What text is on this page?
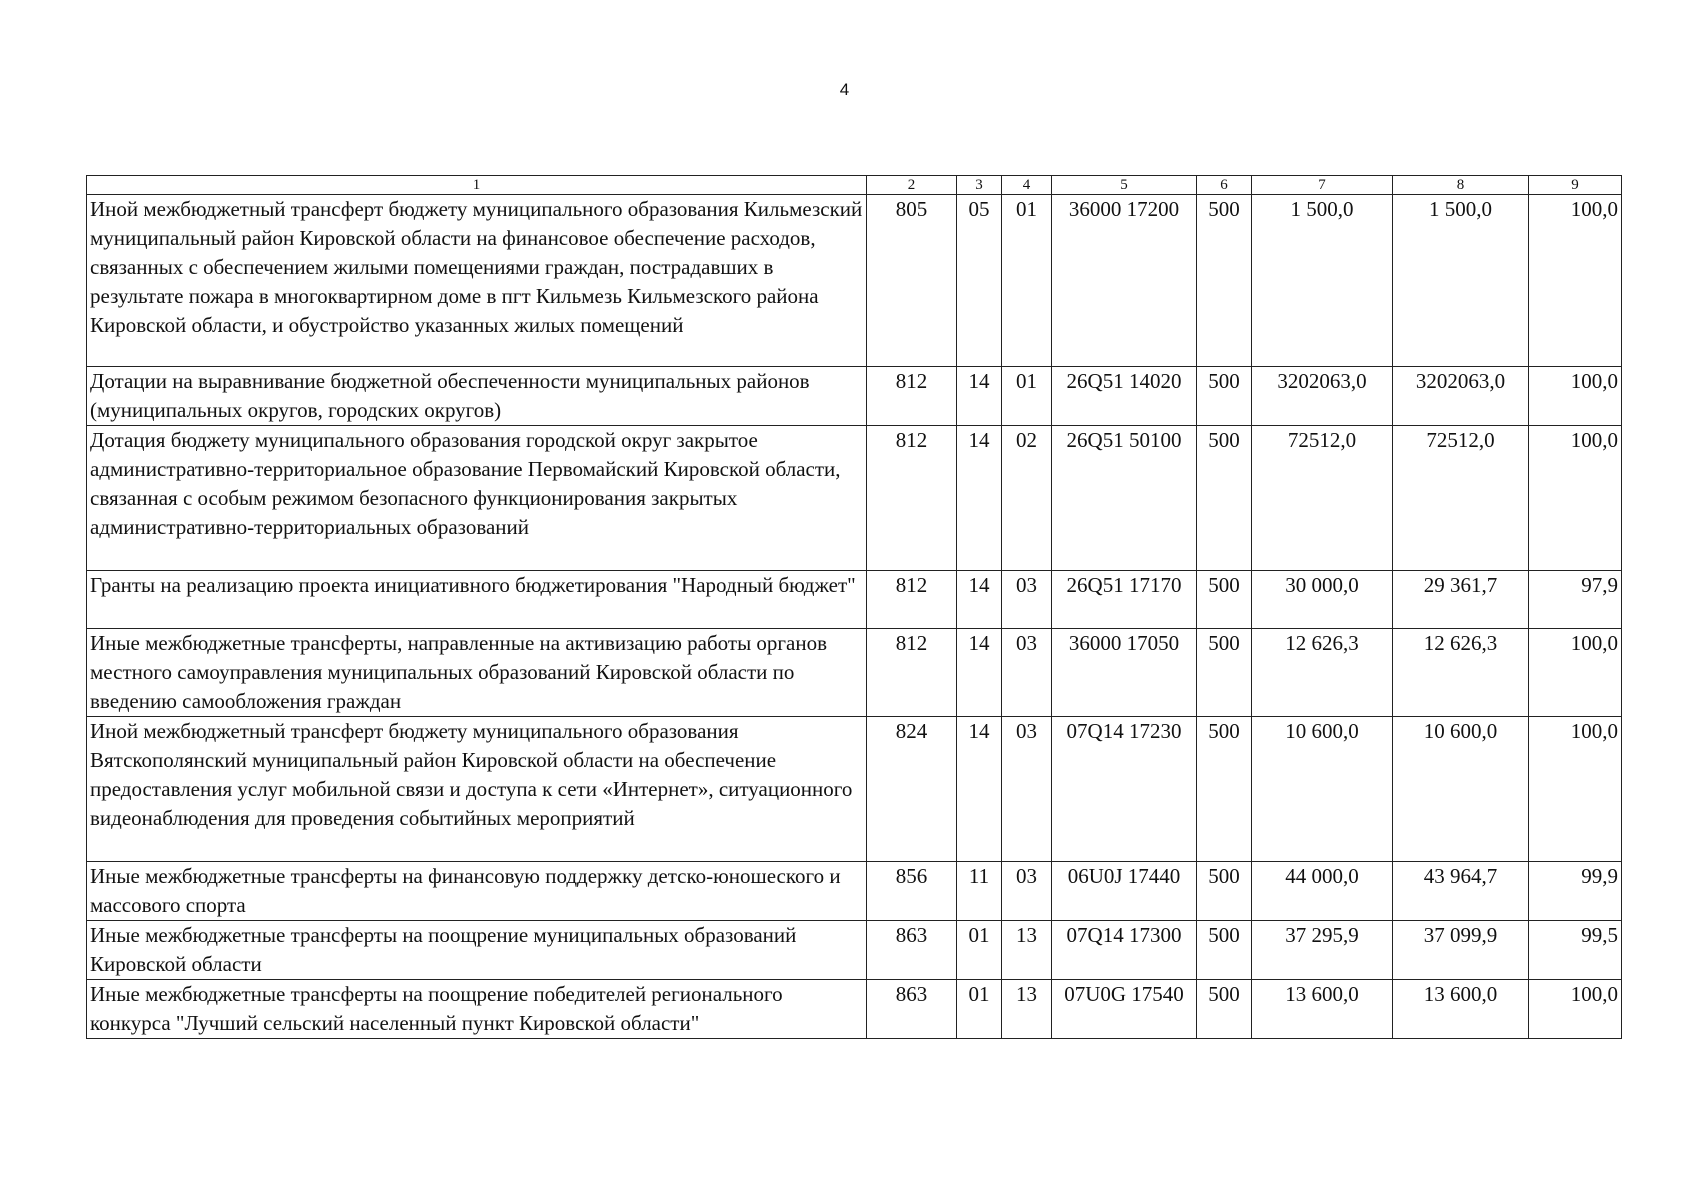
4
1	2	3	4	5	6	7	8	9
Иной межбюджетный трансферт бюджету муниципального образования Кильмезский муниципальный район Кировской области на финансовое обеспечение расходов, связанных с обеспечением жилыми помещениями граждан, пострадавших в результате пожара в многоквартирном доме в пгт Кильмезь Кильмезского района Кировской области, и обустройство указанных жилых помещений	805	05	01	36000 17200	500	1 500,0	1 500,0	100,0
Дотации на выравнивание бюджетной обеспеченности муниципальных районов (муниципальных округов, городских округов)	812	14	01	26Q51 14020	500	3202063,0	3202063,0	100,0
Дотация бюджету муниципального образования городской округ закрытое административно-территориальное образование Первомайский Кировской области, связанная с особым режимом безопасного функционирования закрытых административно-территориальных образований	812	14	02	26Q51 50100	500	72512,0	72512,0	100,0
Гранты на реализацию проекта инициативного бюджетирования "Народный бюджет"	812	14	03	26Q51 17170	500	30 000,0	29 361,7	97,9
Иные межбюджетные трансферты, направленные на активизацию работы органов местного самоуправления муниципальных образований Кировской области по введению самообложения граждан	812	14	03	36000 17050	500	12 626,3	12 626,3	100,0
Иной межбюджетный трансферт бюджету муниципального образования Вятскополянский муниципальный район Кировской области на обеспечение предоставления услуг мобильной связи и доступа к сети «Интернет», ситуационного видеонаблюдения для проведения событийных мероприятий	824	14	03	07Q14 17230	500	10 600,0	10 600,0	100,0
Иные межбюджетные трансферты на финансовую поддержку детско-юношеского и массового спорта	856	11	03	06U0J 17440	500	44 000,0	43 964,7	99,9
Иные межбюджетные трансферты на поощрение муниципальных образований Кировской области	863	01	13	07Q14 17300	500	37 295,9	37 099,9	99,5
Иные межбюджетные трансферты на поощрение победителей регионального конкурса "Лучший сельский населенный пункт Кировской области"	863	01	13	07U0G 17540	500	13 600,0	13 600,0	100,0
